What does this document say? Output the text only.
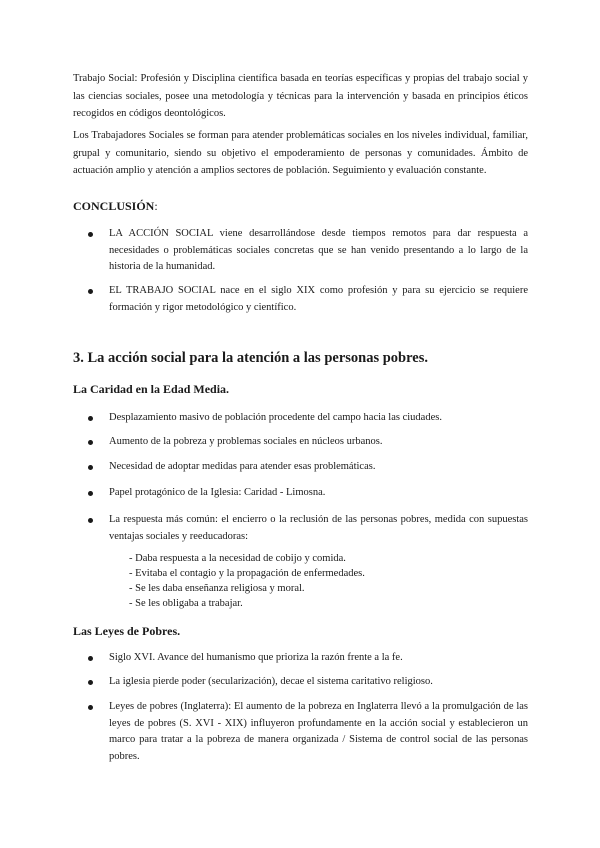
Trabajo Social: Profesión y Disciplina científica basada en teorías específicas y propias del trabajo social y las ciencias sociales, posee una metodología y técnicas para la intervención y basada en principios éticos recogidos en códigos deontológicos.

Los Trabajadores Sociales se forman para atender problemáticas sociales en los niveles individual, familiar, grupal y comunitario, siendo su objetivo el empoderamiento de personas y comunidades. Ámbito de actuación amplio y atención a amplios sectores de población. Seguimiento y evaluación constante.

CONCLUSIÓN:

LA ACCIÓN SOCIAL viene desarrollándose desde tiempos remotos para dar respuesta a necesidades o problemáticas sociales concretas que se han venido presentando a lo largo de la historia de la humanidad.

EL TRABAJO SOCIAL nace en el siglo XIX como profesión y para su ejercicio se requiere formación y rigor metodológico y científico.

3. La acción social para la atención a las personas pobres.
La Caridad en la Edad Media.

Desplazamiento masivo de población procedente del campo hacia las ciudades.

Aumento de la pobreza y problemas sociales en núcleos urbanos.

Necesidad de adoptar medidas para atender esas problemáticas.

Papel protagónico de la Iglesia: Caridad - Limosna.

La respuesta más común: el encierro o la reclusión de las personas pobres, medida con supuestas ventajas sociales y reeducadoras:

- Daba respuesta a la necesidad de cobijo y comida.

- Evitaba el contagio y la propagación de enfermedades.

- Se les daba enseñanza religiosa y moral.

- Se les obligaba a trabajar.

Las Leyes de Pobres.

Siglo XVI. Avance del humanismo que prioriza la razón frente a la fe.

La iglesia pierde poder (secularización), decae el sistema caritativo religioso.

Leyes de pobres (Inglaterra): El aumento de la pobreza en Inglaterra llevó a la promulgación de las leyes de pobres (S. XVI - XIX) influyeron profundamente en la acción social y establecieron un marco para tratar a la pobreza de manera organizada / Sistema de control social de las personas pobres.
